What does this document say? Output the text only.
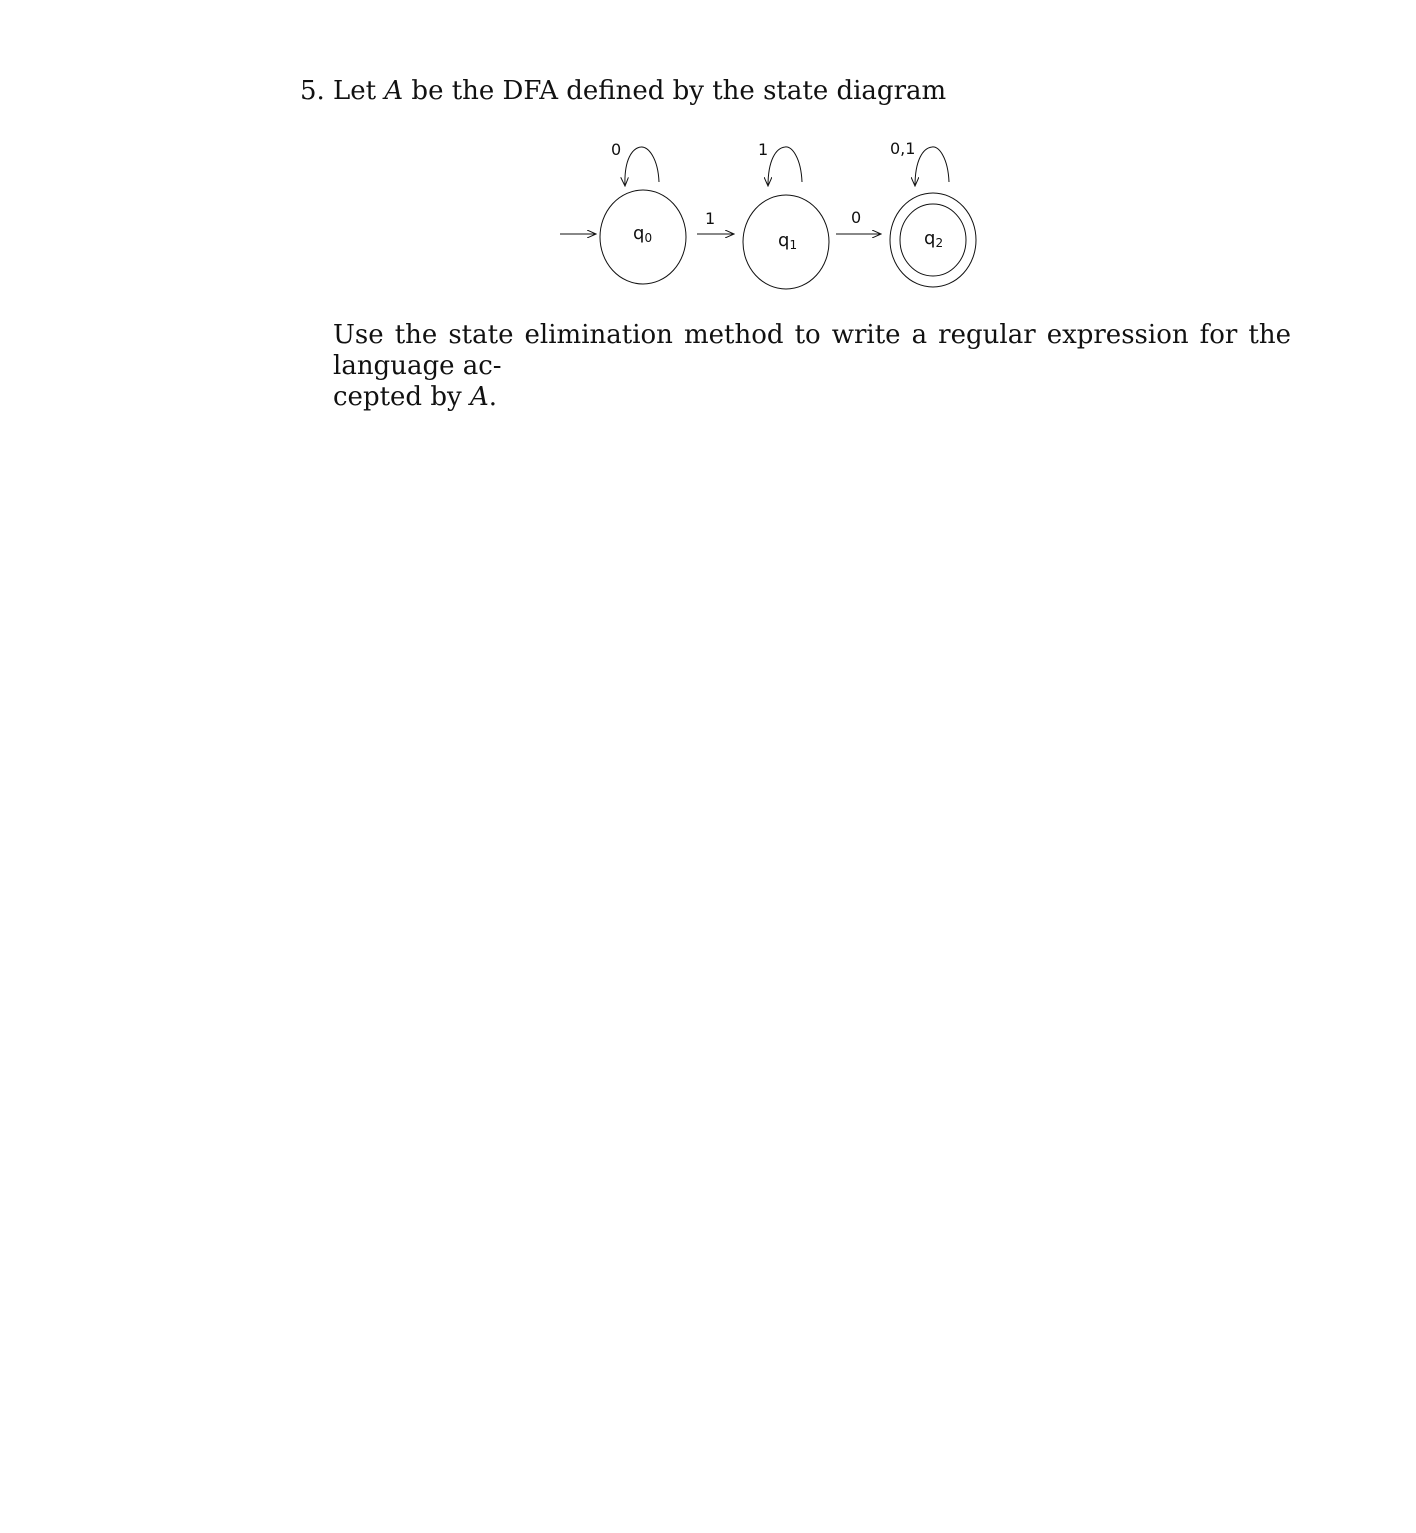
5. Let A be the DFA defined by the state diagram
q0
0
1
q1
1
0
q2
0,1
Use the state elimination method to write a regular expression for the language ac-
cepted by A.
